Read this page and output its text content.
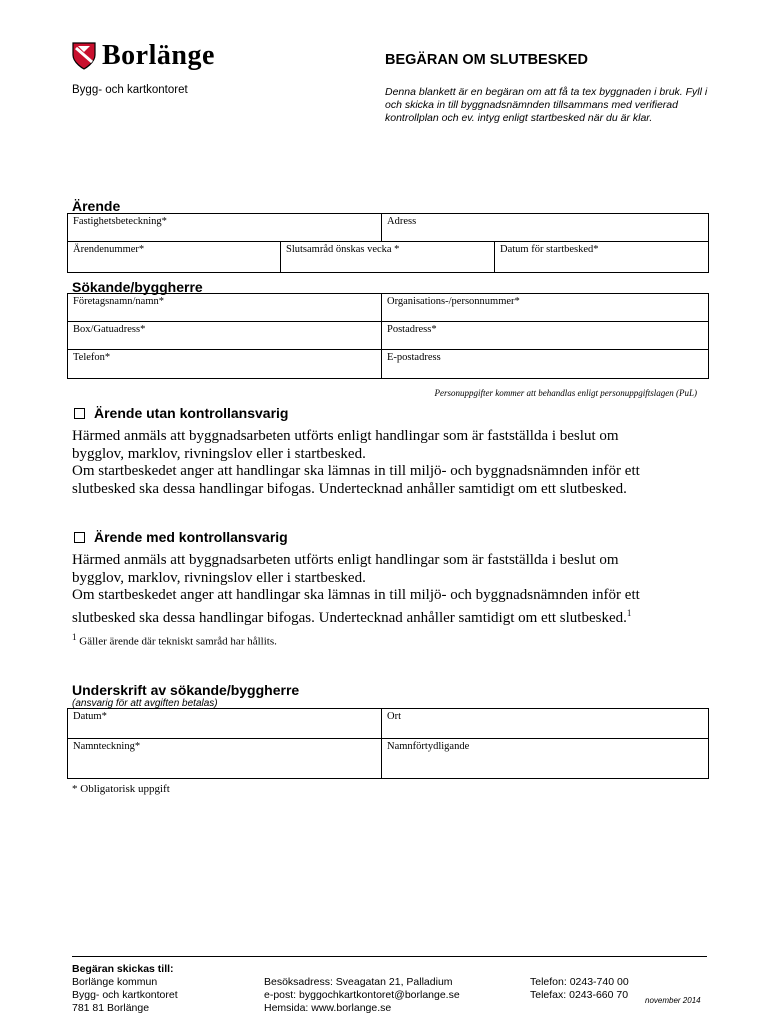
Borlänge
Bygg- och kartkontoret
BEGÄRAN OM SLUTBESKED
Denna blankett är en begäran om att få ta tex byggnaden i bruk. Fyll i och skicka in till byggnadsnämnden tillsammans med verifierad kontrollplan och ev. intyg enligt startbesked när du är klar.
Ärende
Fastighetsbeteckning*		Adress	
Ärendenummer*	Slutsamråd önskas vecka *		Datum för startbesked*
Sökande/byggherre
Företagsnamn/namn*	Organisations-/personnummer*
Box/Gatuadress*	Postadress*
Telefon*	E-postadress
Personuppgifter kommer att behandlas enligt personuppgiftslagen (PuL)
Ärende utan kontrollansvarig

Härmed anmäls att byggnadsarbeten utförts enligt handlingar som är fastställda i beslut om bygglov, marklov, rivningslov eller i startbesked.

Om startbeskedet anger att handlingar ska lämnas in till miljö- och byggnadsnämnden inför ett slutbesked ska dessa handlingar bifogas. Undertecknad anhåller samtidigt om ett slutbesked.

Ärende med kontrollansvarig

Härmed anmäls att byggnadsarbeten utförts enligt handlingar som är fastställda i beslut om bygglov, marklov, rivningslov eller i startbesked.

Om startbeskedet anger att handlingar ska lämnas in till miljö- och byggnadsnämnden inför ett slutbesked ska dessa handlingar bifogas. Undertecknad anhåller samtidigt om ett slutbesked.$^1$

$^1$ Gäller ärende där tekniskt samråd har hållits.
Underskrift av sökande/byggherre
(ansvarig för att avgiften betalas)
Datum*	Ort
Namnteckning*	Namnförtydligande
* Obligatorisk uppgift
Begäran skickas till:
Borlänge kommun
Bygg- och kartkontoret
781 81 Borlänge
Besöksadress: Sveagatan 21, Palladium
e-post: byggochkartkontoret@borlange.se
Hemsida: www.borlange.se
Telefon: 0243-740 00
Telefax: 0243-660 70 november 2014
